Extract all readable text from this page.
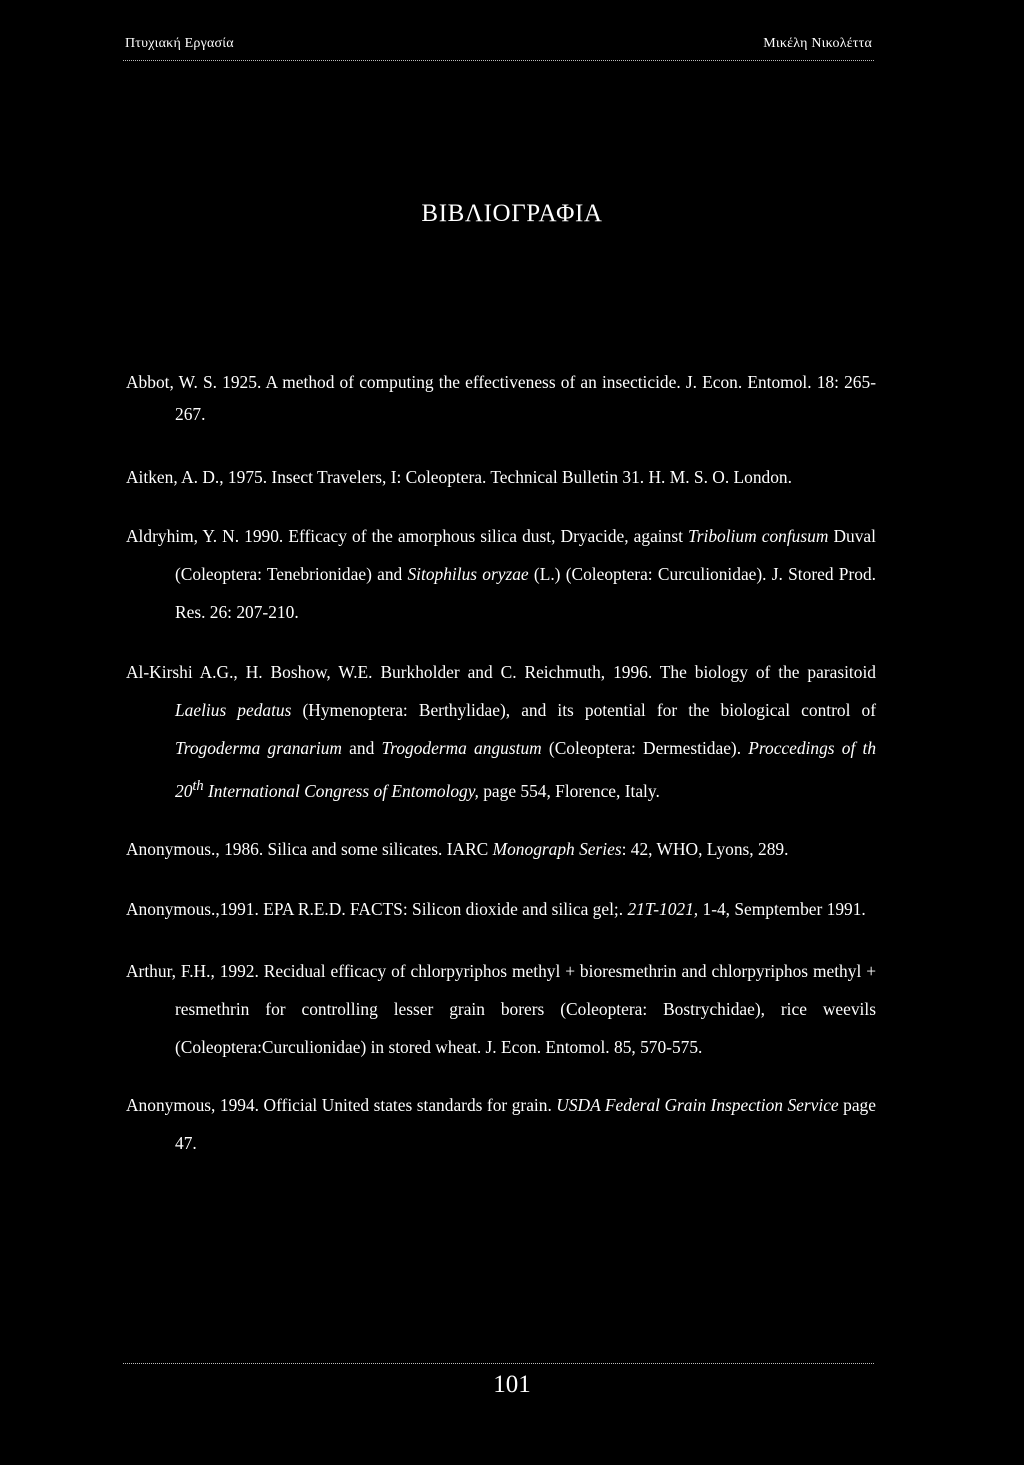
Πτυχιακή Εργασία	Μικέλη Νικολέττα
ΒΙΒΛΙΟΓΡΑΦΙΑ
Abbot, W. S. 1925. A method of computing the effectiveness of an insecticide. J. Econ. Entomol. 18: 265-267.
Aitken, A. D., 1975. Insect Travelers, I: Coleoptera. Technical Bulletin 31. H. M. S. O. London.
Aldryhim, Y. N. 1990. Efficacy of the amorphous silica dust, Dryacide, against Tribolium confusum Duval (Coleoptera: Tenebrionidae) and Sitophilus oryzae (L.) (Coleoptera: Curculionidae). J. Stored Prod. Res. 26: 207-210.
Al-Kirshi A.G., H. Boshow, W.E. Burkholder and C. Reichmuth, 1996. The biology of the parasitoid Laelius pedatus (Hymenoptera: Berthylidae), and its potential for the biological control of Trogoderma granarium and Trogoderma angustum (Coleoptera: Dermestidae). Proccedings of th 20th International Congress of Entomology, page 554, Florence, Italy.
Anonymous., 1986. Silica and some silicates. IARC Monograph Series: 42, WHO, Lyons, 289.
Anonymous.,1991. EPA R.E.D. FACTS: Silicon dioxide and silica gel;. 21T-1021, 1-4, Semptember 1991.
Arthur, F.H., 1992. Recidual efficacy of chlorpyriphos methyl + bioresmethrin and chlorpyriphos methyl + resmethrin for controlling lesser grain borers (Coleoptera: Bostrychidae), rice weevils (Coleoptera:Curculionidae) in stored wheat. J. Econ. Entomol. 85, 570-575.
Anonymous, 1994. Official United states standards for grain. USDA Federal Grain Inspection Service page 47.
101
